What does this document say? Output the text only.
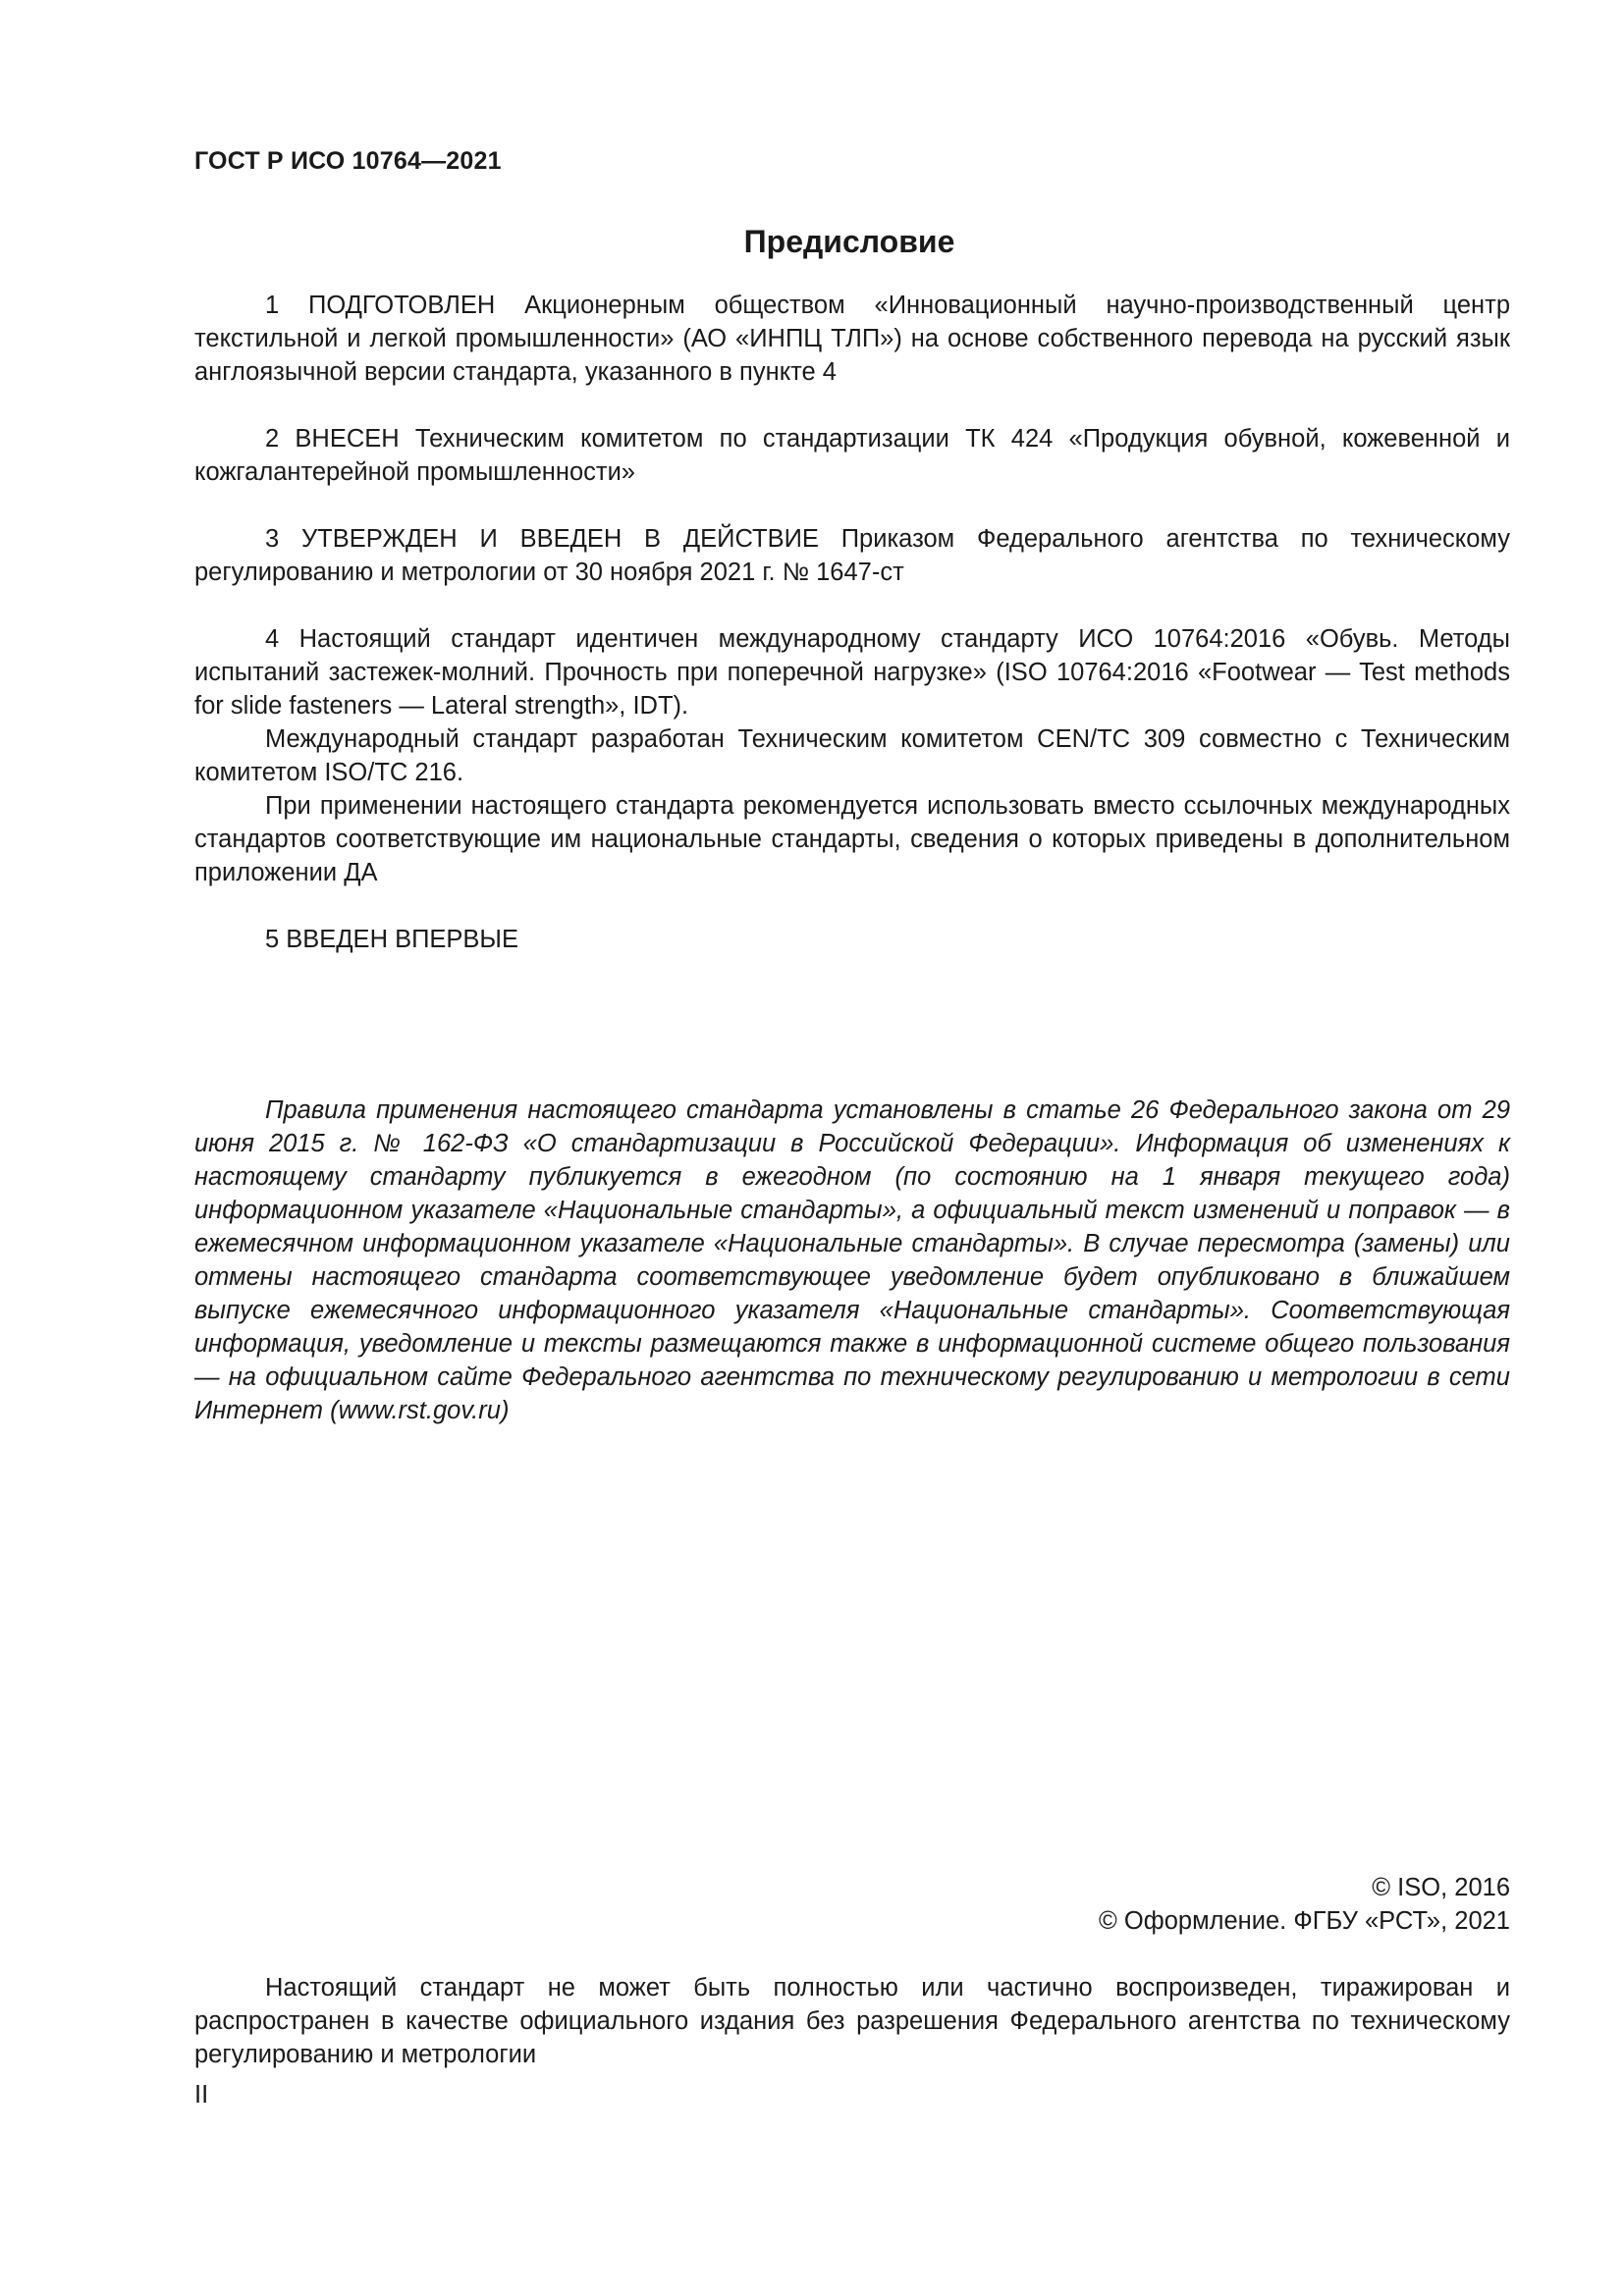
ГОСТ Р ИСО 10764—2021
Предисловие

1 ПОДГОТОВЛЕН Акционерным обществом «Инновационный научно-производственный центр текстильной и легкой промышленности» (АО «ИНПЦ ТЛП») на основе собственного перевода на русский язык англоязычной версии стандарта, указанного в пункте 4

2 ВНЕСЕН Техническим комитетом по стандартизации ТК 424 «Продукция обувной, кожевенной и кожгалантерейной промышленности»

3 УТВЕРЖДЕН И ВВЕДЕН В ДЕЙСТВИЕ Приказом Федерального агентства по техническому регулированию и метрологии от 30 ноября 2021 г. № 1647-ст

4 Настоящий стандарт идентичен международному стандарту ИСО 10764:2016 «Обувь. Методы испытаний застежек-молний. Прочность при поперечной нагрузке» (ISO 10764:2016 «Footwear — Test methods for slide fasteners — Lateral strength», IDT).

Международный стандарт разработан Техническим комитетом CEN/TC 309 совместно с Техническим комитетом ISO/TC 216.

При применении настоящего стандарта рекомендуется использовать вместо ссылочных международных стандартов соответствующие им национальные стандарты, сведения о которых приведены в дополнительном приложении ДА

5 ВВЕДЕН ВПЕРВЫЕ

Правила применения настоящего стандарта установлены в статье 26 Федерального закона от 29 июня 2015 г. № 162-ФЗ «О стандартизации в Российской Федерации». Информация об изменениях к настоящему стандарту публикуется в ежегодном (по состоянию на 1 января текущего года) информационном указателе «Национальные стандарты», а официальный текст изменений и поправок — в ежемесячном информационном указателе «Национальные стандарты». В случае пересмотра (замены) или отмены настоящего стандарта соответствующее уведомление будет опубликовано в ближайшем выпуске ежемесячного информационного указателя «Национальные стандарты». Соответствующая информация, уведомление и тексты размещаются также в информационной системе общего пользования — на официальном сайте Федерального агентства по техническому регулированию и метрологии в сети Интернет (www.rst.gov.ru)

© ISO, 2016
© Оформление. ФГБУ «РСТ», 2021

Настоящий стандарт не может быть полностью или частично воспроизведен, тиражирован и распространен в качестве официального издания без разрешения Федерального агентства по техническому регулированию и метрологии

II
